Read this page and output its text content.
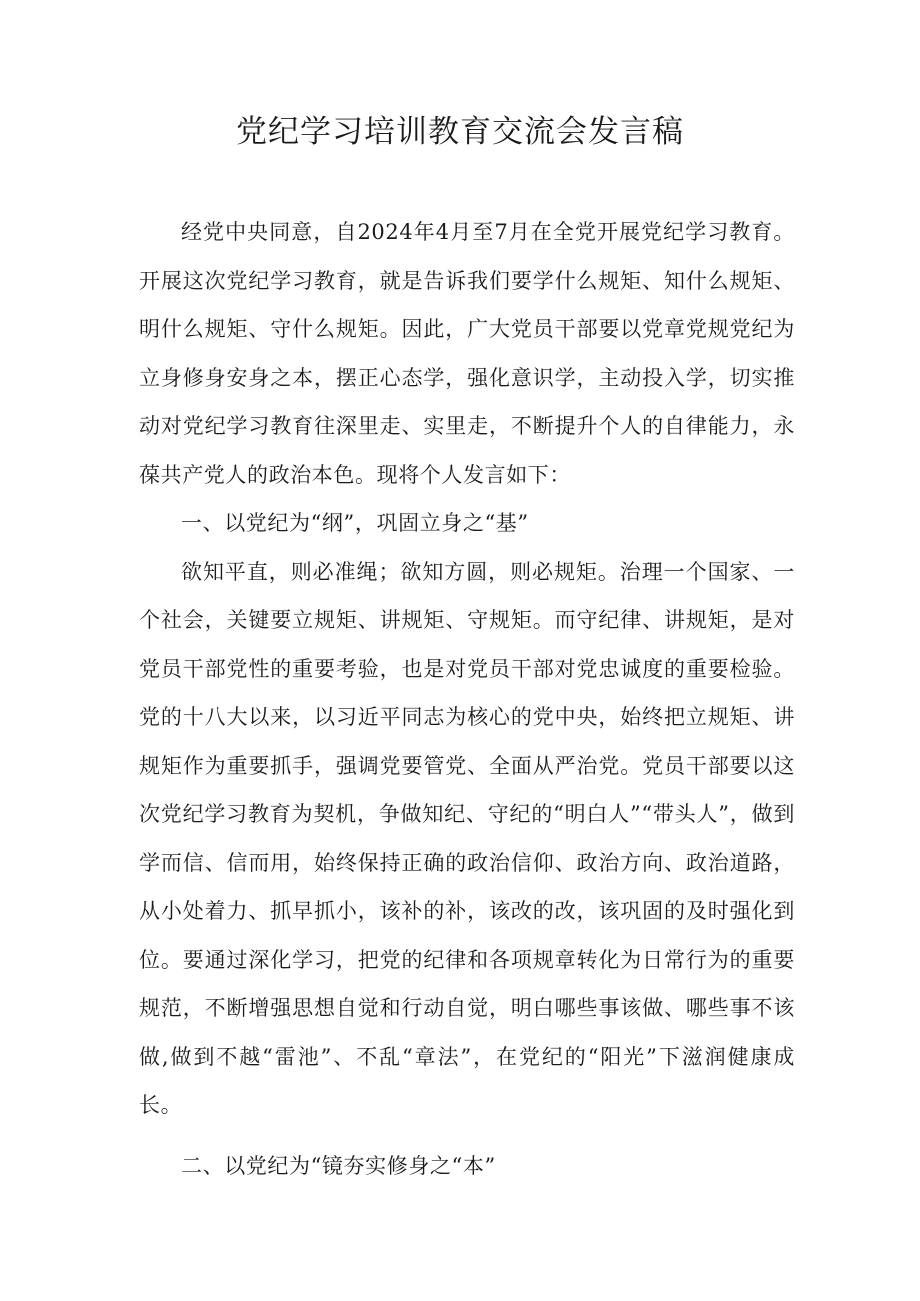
党纪学习培训教育交流会发言稿

经党中央同意，自2024年4月至7月在全党开展党纪学习教育。开展这次党纪学习教育，就是告诉我们要学什么规矩、知什么规矩、明什么规矩、守什么规矩。因此，广大党员干部要以党章党规党纪为立身修身安身之本，摆正心态学，强化意识学，主动投入学，切实推动对党纪学习教育往深里走、实里走，不断提升个人的自律能力，永葆共产党人的政治本色。现将个人发言如下：

一、以党纪为“纲”，巩固立身之“基”

欲知平直，则必准绳；欲知方圆，则必规矩。治理一个国家、一个社会，关键要立规矩、讲规矩、守规矩。而守纪律、讲规矩，是对党员干部党性的重要考验，也是对党员干部对党忠诚度的重要检验。党的十八大以来，以习近平同志为核心的党中央，始终把立规矩、讲规矩作为重要抓手，强调党要管党、全面从严治党。党员干部要以这次党纪学习教育为契机，争做知纪、守纪的“明白人”“带头人”，做到学而信、信而用，始终保持正确的政治信仰、政治方向、政治道路，从小处着力、抓早抓小，该补的补，该改的改，该巩固的及时强化到位。要通过深化学习，把党的纪律和各项规章转化为日常行为的重要规范，不断增强思想自觉和行动自觉，明白哪些事该做、哪些事不该做,做到不越“雷池”、不乱“章法”，在党纪的“阳光”下滋润健康成长。

二、以党纪为“镜夯实修身之“本”
